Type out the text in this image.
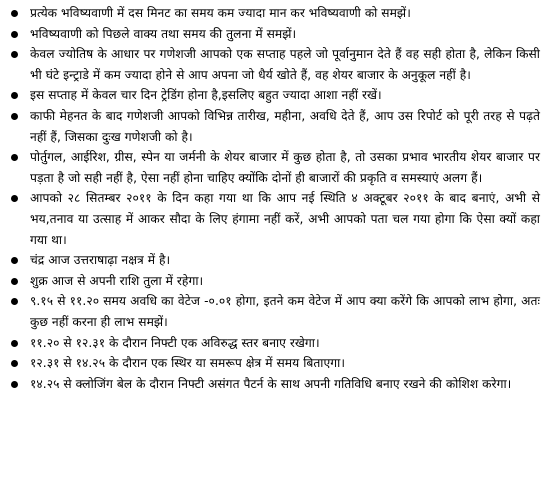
प्रत्येक भविष्यवाणी में दस मिनट का समय कम ज्यादा मान कर भविष्यवाणी को समझें।
भविष्यवाणी को पिछले वाक्य तथा समय की तुलना में समझें।
केवल ज्योतिष के आधार पर गणेशजी आपको एक सप्ताह पहले जो पूर्वानुमान देते हैं वह सही होता है, लेकिन किसी भी घंटे इन्ट्राडे में कम ज्यादा होने से आप अपना जो धैर्य खोते हैं, वह शेयर बाजार के अनुकूल नहीं है।
इस सप्ताह में केवल चार दिन ट्रेडिंग होना है,इसलिए बहुत ज्यादा आशा नहीं रखें।
काफी मेहनत के बाद गणेशजी आपको विभिन्न तारीख, महीना, अवधि देते हैं, आप उस रिपोर्ट को पूरी तरह से पढ़ते नहीं हैं, जिसका दुःख गणेशजी को है।
पोर्तुगल, आईरिश, ग्रीस, स्पेन या जर्मनी के शेयर बाजार में कुछ होता है, तो उसका प्रभाव भारतीय शेयर बाजार पर पड़ता है जो सही नहीं है, ऐसा नहीं होना चाहिए क्योंकि दोनों ही बाजारों की प्रकृति व समस्याएं अलग हैं।
आपको २८ सितम्बर २०११ के दिन कहा गया था कि आप नई स्थिति ४ अक्टूबर २०११ के बाद बनाएं, अभी से भय,तनाव या उत्साह में आकर सौदा के लिए हंगामा नहीं करें, अभी आपको पता चल गया होगा कि ऐसा क्यों कहा गया था।
चंद्र आज उत्तराषाढ़ा नक्षत्र में है।
शुक्र आज से अपनी राशि तुला में रहेगा।
९.१५ से ११.२० समय अवधि का वेटेज -०.०१ होगा, इतने कम वेटेज में आप क्या करेंगे कि आपको लाभ होगा, अतः कुछ नहीं करना ही लाभ समझें।
११.२० से १२.३१ के दौरान निफ्टी एक अविरुद्ध स्तर बनाए रखेगा।
१२.३१ से १४.२५ के दौरान एक स्थिर या समरूप क्षेत्र में समय बिताएगा।
१४.२५ से क्लोजिंग बेल के दौरान निफ्टी असंगत पैटर्न के साथ अपनी गतिविधि बनाए रखने की कोशिश करेगा।
